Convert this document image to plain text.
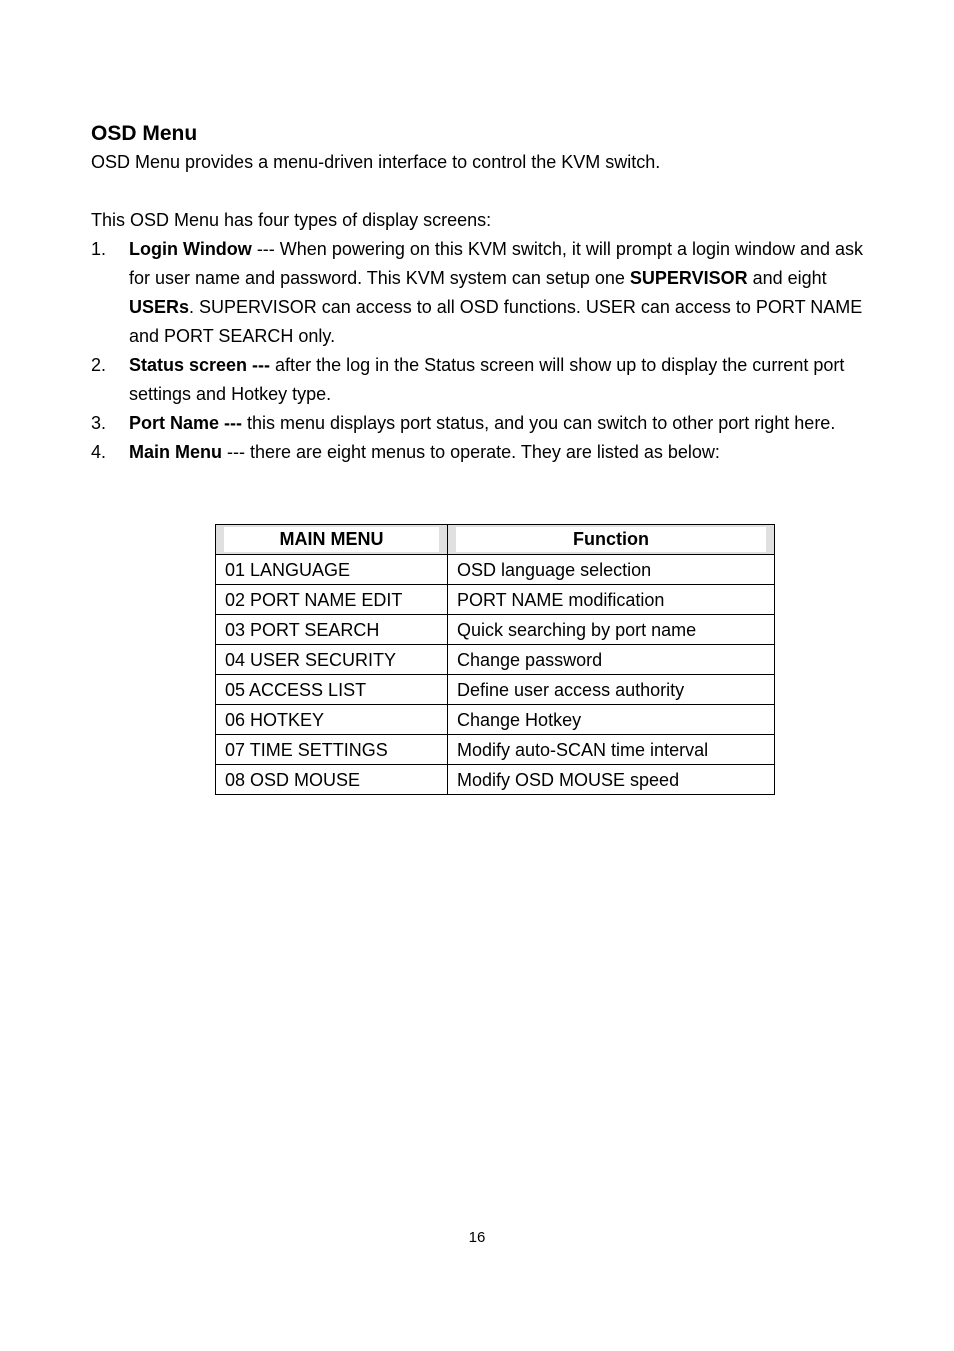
OSD Menu

OSD Menu provides a menu-driven interface to control the KVM switch.

This OSD Menu has four types of display screens:

1. Login Window --- When powering on this KVM switch, it will prompt a login window and ask for user name and password. This KVM system can setup one SUPERVISOR and eight USERs. SUPERVISOR can access to all OSD functions. USER can access to PORT NAME and PORT SEARCH only.
2. Status screen --- after the log in the Status screen will show up to display the current port settings and Hotkey type.
3. Port Name --- this menu displays port status, and you can switch to other port right here.
4. Main Menu --- there are eight menus to operate. They are listed as below:
MAIN MENU	Function

01 LANGUAGE	OSD language selection
02 PORT NAME EDIT	PORT NAME modification
03 PORT SEARCH	Quick searching by port name
04 USER SECURITY	Change password
05 ACCESS LIST	Define user access authority
06 HOTKEY	Change Hotkey
07 TIME SETTINGS	Modify auto-SCAN time interval
08 OSD MOUSE	Modify OSD MOUSE speed
16
